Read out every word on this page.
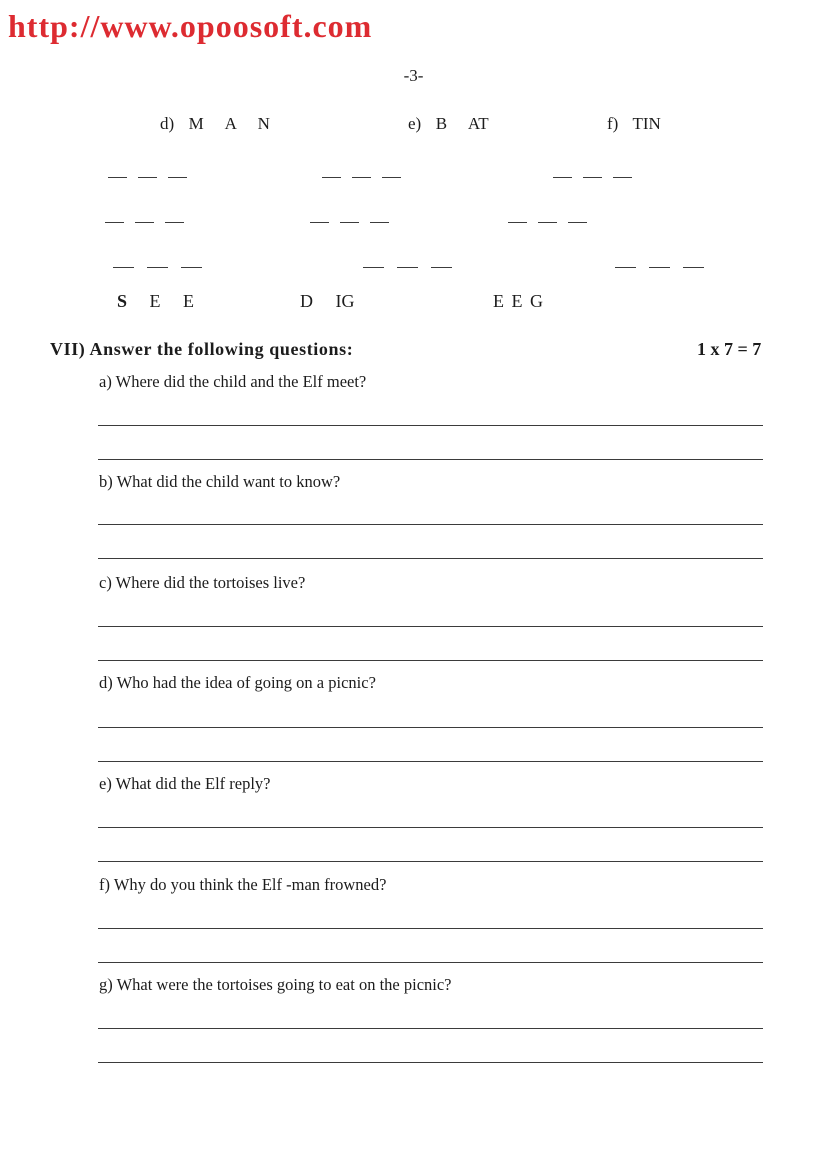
http://www.opoosoft.com
-3-
d)  M   A   N	e)  B   AT	f)  TIN
S   E   E	D   IG	E E G
VII) Answer the following questions:	1 x 7 = 7
a) Where did the child and the Elf meet?
b) What did the child want to know?
c) Where did the tortoises live?
d) Who had the idea of going on a picnic?
e) What did the Elf reply?
f) Why do you think the Elf -man frowned?
g) What were the tortoises going to eat on the picnic?
